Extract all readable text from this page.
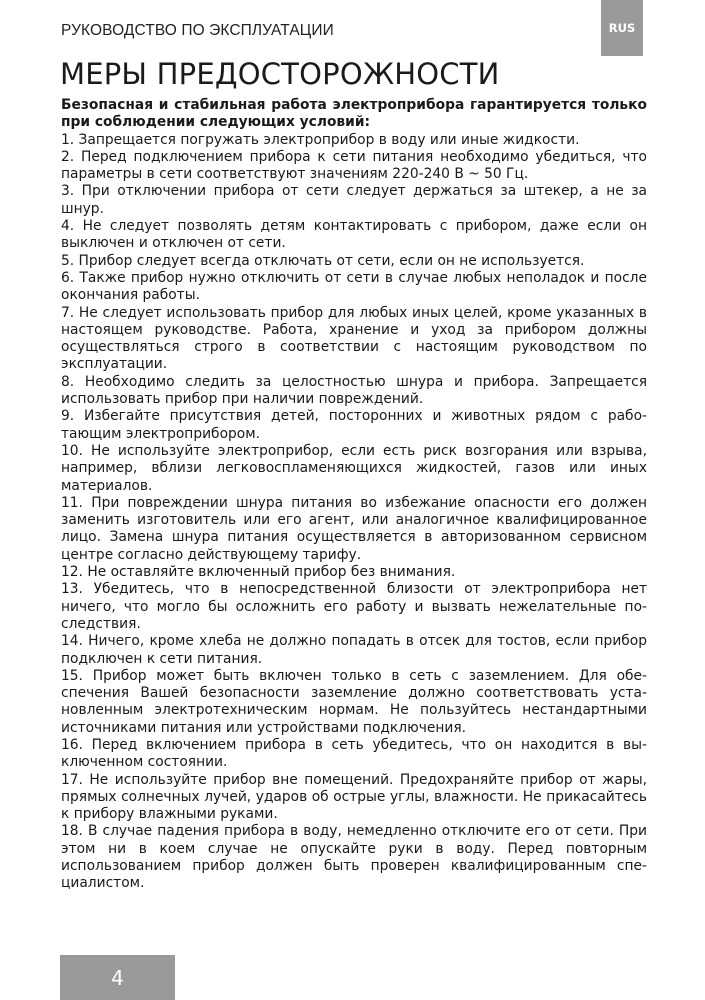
РУКОВОДСТВО ПО ЭКСПЛУАТАЦИИ	RUS
МЕРЫ ПРЕДОСТОРОЖНОСТИ

Безопасная и стабильная работа электроприбора гарантируется только при соблюдении следующих условий:

1. Запрещается погружать электроприбор в воду или иные жидкости.

2. Перед подключением прибора к сети питания необходимо убедиться, что параметры в сети соответствуют значениям 220-240 В ~ 50 Гц.

3. При отключении прибора от сети следует держаться за штекер, а не за шнур.

4. Не следует позволять детям контактировать с прибором, даже если он выключен и отключен от сети.

5. Прибор следует всегда отключать от сети, если он не используется.

6. Также прибор нужно отключить от сети в случае любых неполадок и после окончания работы.

7. Не следует использовать прибор для любых иных целей, кроме указанных в настоящем руководстве. Работа, хранение и уход за прибором должны осуществляться строго в соответствии с настоящим руководством по эксплуатации.

8. Необходимо следить за целостностью шнура и прибора. Запрещается использовать прибор при наличии повреждений.

9. Избегайте присутствия детей, посторонних и животных рядом с работающим электроприбором.

10. Не используйте электроприбор, если есть риск возгорания или взрыва, например, вблизи легковоспламеняющихся жидкостей, газов или иных материалов.

11. При повреждении шнура питания во избежание опасности его должен заменить изготовитель или его агент, или аналогичное квалифицированное лицо. Замена шнура питания осуществляется в авторизованном сервисном центре согласно действующему тарифу.

12. Не оставляйте включенный прибор без внимания.

13. Убедитесь, что в непосредственной близости от электроприбора нет ничего, что могло бы осложнить его работу и вызвать нежелательные последствия.

14. Ничего, кроме хлеба не должно попадать в отсек для тостов, если прибор подключен к сети питания.

15. Прибор может быть включен только в сеть с заземлением. Для обеспечения Вашей безопасности заземление должно соответствовать установленным электротехническим нормам. Не пользуйтесь нестандартными источниками питания или устройствами подключения.

16. Перед включением прибора в сеть убедитесь, что он находится в выключенном состоянии.

17. Не используйте прибор вне помещений. Предохраняйте прибор от жары, прямых солнечных лучей, ударов об острые углы, влажности. Не прикасайтесь к прибору влажными руками.

18. В случае падения прибора в воду, немедленно отключите его от сети. При этом ни в коем случае не опускайте руки в воду. Перед повторным использованием прибор должен быть проверен квалифицированным специалистом.

4
